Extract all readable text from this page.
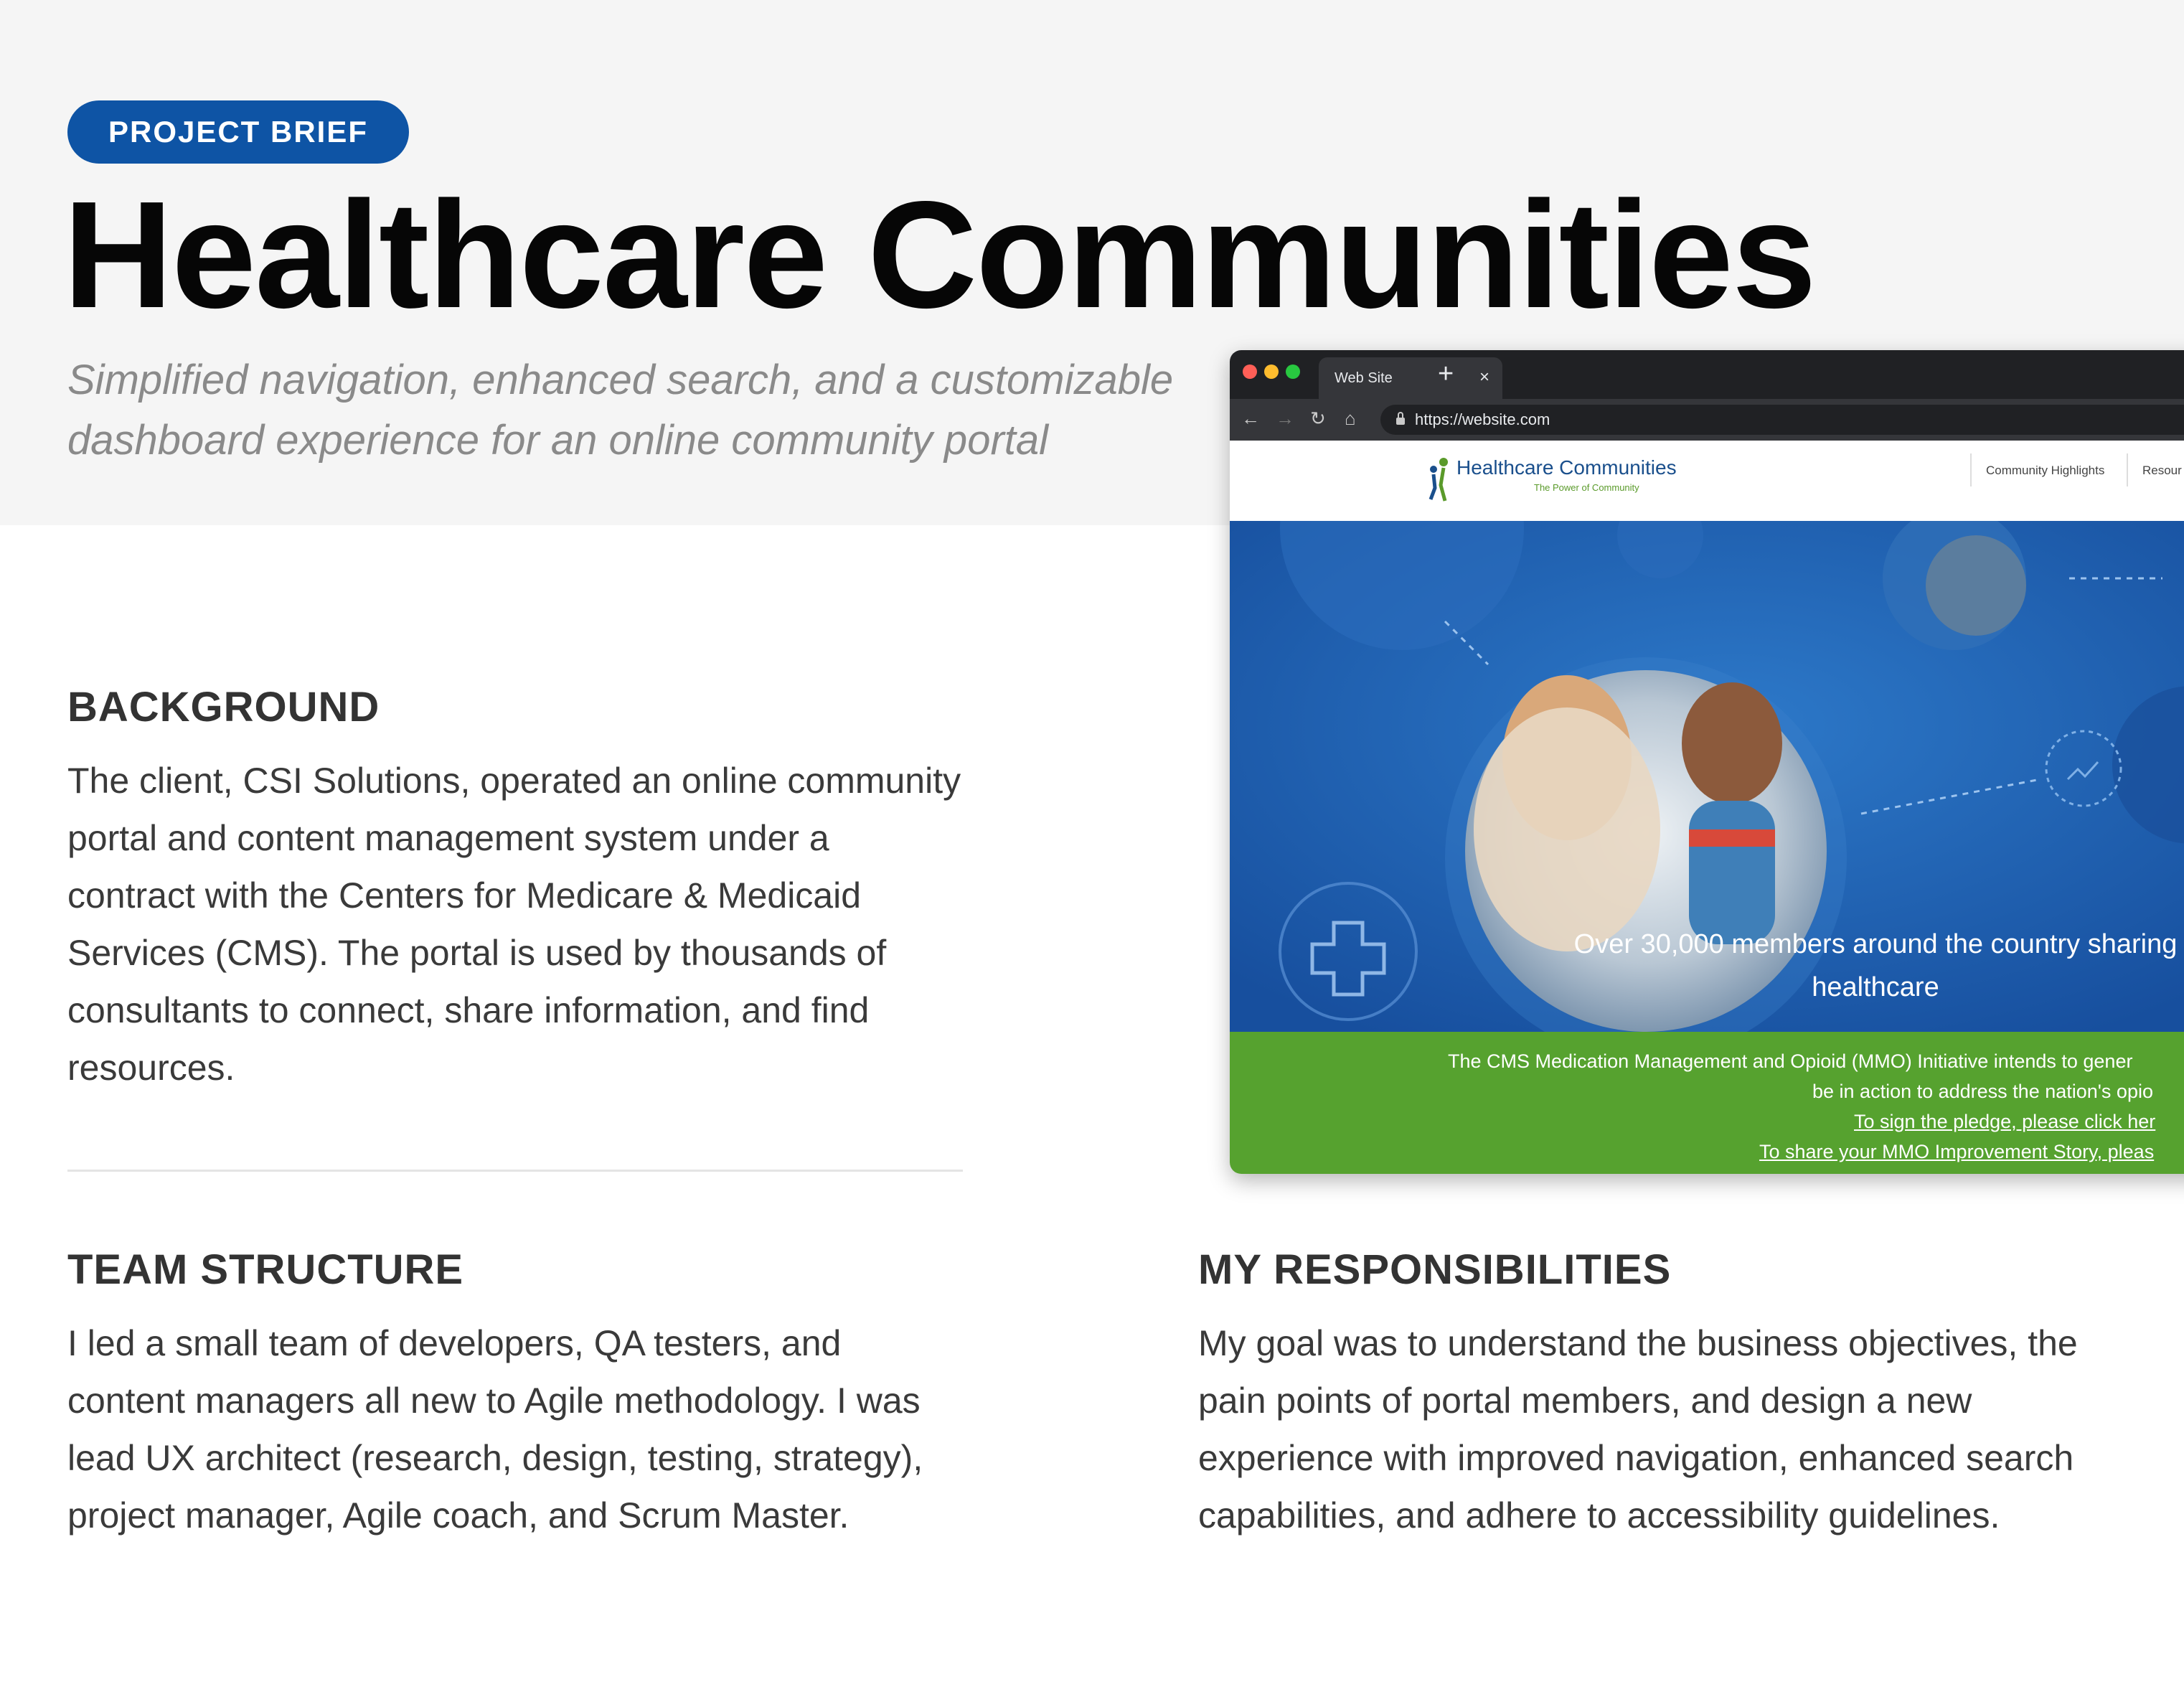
PROJECT BRIEF
Healthcare Communities

Simplified navigation, enhanced search, and a customizable dashboard experience for an online community portal

BACKGROUND

The client, CSI Solutions, operated an online community portal and content management system under a contract with the Centers for Medicare & Medicaid Services (CMS). The portal is used by thousands of consultants to connect, share information, and find resources.

TEAM STRUCTURE

I led a small team of developers, QA testers, and content managers all new to Agile methodology. I was lead UX architect (research, design, testing, strategy), project manager, Agile coach, and Scrum Master.

MY RESPONSIBILITIES

My goal was to understand the business objectives, the pain points of portal members, and design a new experience with improved navigation, enhanced search capabilities, and adhere to accessibility guidelines.

Web Site	×
+
← → ↻ ⌂	https://website.com
Healthcare Communities
The Power of Community
Community Highlights	Resour
Over 30,000 members around the country sharing
healthcare
The CMS Medication Management and Opioid (MMO) Initiative intends to gener
be in action to address the nation's opio
To sign the pledge, please click her
To share your MMO Improvement Story, pleas
